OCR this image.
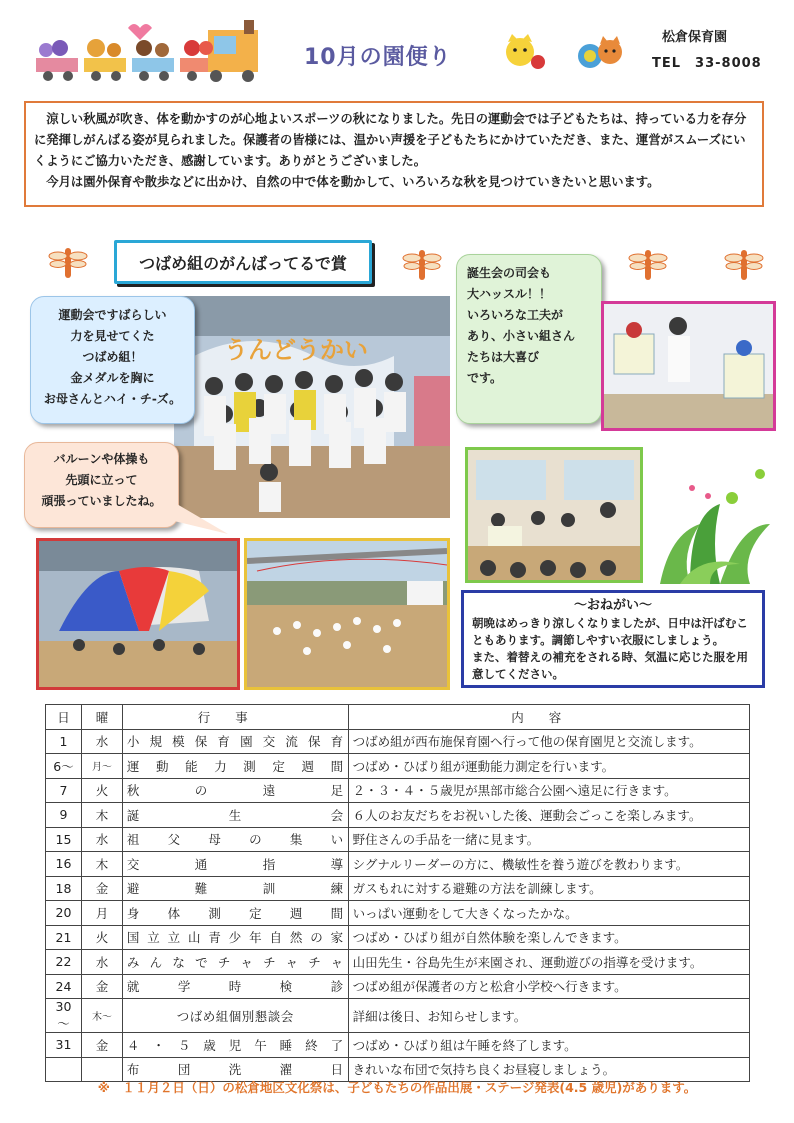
10月の園便り
松倉保育園
TEL　33-8008

涼しい秋風が吹き、体を動かすのが心地よいスポーツの秋になりました。先日の運動会では子どもたちは、持っている力を存分に発揮しがんばる姿が見られました。保護者の皆様には、温かい声援を子どもたちにかけていただき、また、運営がスムーズにいくようにご協力いただき、感謝しています。ありがとうございました。

今月は園外保育や散歩などに出かけ、自然の中で体を動かして、いろいろな秋を見つけていきたいと思います。

つばめ組のがんばってるで賞
うんどうかい
運動会ですばらしい
力を見せてくた
つばめ組！
金メダルを胸に
お母さんとハイ・チ-ズ。
バルーンや体操も
先頭に立って
頑張っていましたね。
誕生会の司会も
大ハッスル！！
いろいろな工夫が
あり、小さい組さん
たちは大喜び
です。
～おねがい～
朝晩はめっきり涼しくなりましたが、日中は汗ばむこともあります。調節しやすい衣服にしましょう。
また、着替えの補充をされる時、気温に応じた服を用意してください。
日	曜	行事	内容
1	水	小規模保育園交流保育	つばめ組が西布施保育園へ行って他の保育園児と交流します。
6～	月～	運動能力測定週間	つばめ・ひばり組が運動能力測定を行います。
7	火	秋の遠足	２・３・４・５歳児が黒部市総合公園へ遠足に行きます。
9	木	誕生会	６人のお友だちをお祝いした後、運動会ごっこを楽しみます。
15	水	祖父母の集い	野住さんの手品を一緒に見ます。
16	木	交通指導	シグナルリーダーの方に、機敏性を養う遊びを教わります。
18	金	避難訓練	ガスもれに対する避難の方法を訓練します。
20	月	身体測定週間	いっぱい運動をして大きくなったかな。
21	火	国立立山青少年自然の家	つばめ・ひばり組が自然体験を楽しんできます。
22	水	みんなでチャチャチャ	山田先生・谷島先生が来園され、運動遊びの指導を受けます。
24	金	就学時検診	つばめ組が保護者の方と松倉小学校へ行きます。
30～	木～	つばめ組個別懇談会	詳細は後日、お知らせします。
31	金	４・５歳児午睡終了	つばめ・ひばり組は午睡を終了します。
		布団洗濯日	きれいな布団で気持ち良くお昼寝しましょう。
※　１１月２日（日）の松倉地区文化祭は、子どもたちの作品出展・ステージ発表(4.5 歳児)があります。
